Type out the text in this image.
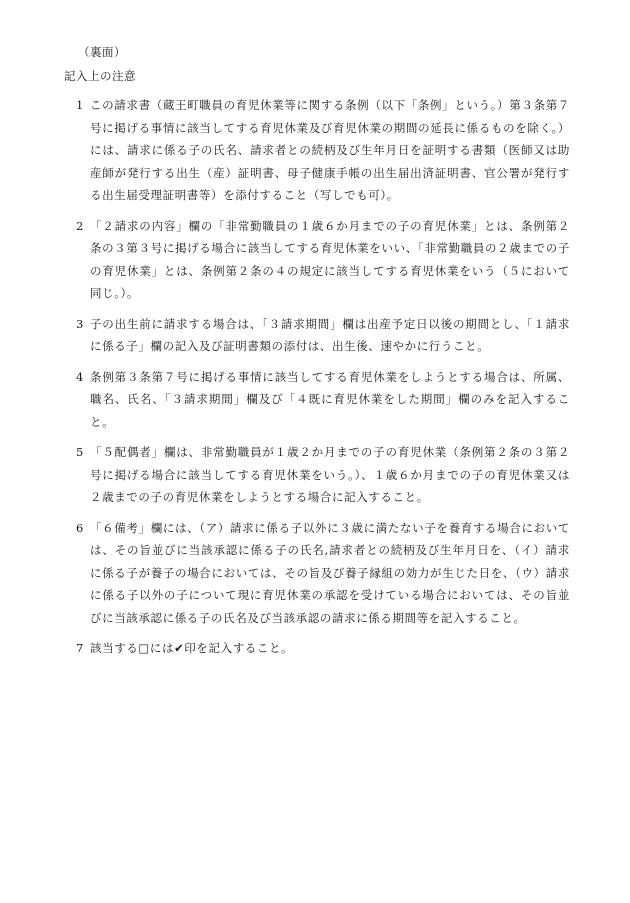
（裏面）
記入上の注意
1 この請求書（蔵王町職員の育児休業等に関する条例（以下「条例」という。）第３条第７号に掲げる事情に該当してする育児休業及び育児休業の期間の延長に係るものを除く。）には、請求に係る子の氏名、請求者との続柄及び生年月日を証明する書類（医師又は助産師が発行する出生（産）証明書、母子健康手帳の出生届出済証明書、官公署が発行する出生届受理証明書等）を添付すること（写しでも可）。
2 「２請求の内容」欄の「非常勤職員の１歳６か月までの子の育児休業」とは、条例第２条の３第３号に掲げる場合に該当してする育児休業をいい、「非常勤職員の２歳までの子の育児休業」とは、条例第２条の４の規定に該当してする育児休業をいう（５において同じ。）。
3 子の出生前に請求する場合は、「３請求期間」欄は出産予定日以後の期間とし、「１請求に係る子」欄の記入及び証明書類の添付は、出生後、速やかに行うこと。
4 条例第３条第７号に掲げる事情に該当してする育児休業をしようとする場合は、所属、職名、氏名、「３請求期間」欄及び「４既に育児休業をした期間」欄のみを記入すること。
5 「５配偶者」欄は、非常勤職員が１歳２か月までの子の育児休業（条例第２条の３第２号に掲げる場合に該当してする育児休業をいう。）、１歳６か月までの子の育児休業又は２歳までの子の育児休業をしようとする場合に記入すること。
6 「６備考」欄には、（ア）請求に係る子以外に３歳に満たない子を養育する場合においては、その旨並びに当該承認に係る子の氏名,請求者との続柄及び生年月日を、（イ）請求に係る子が養子の場合においては、その旨及び養子縁組の効力が生じた日を、（ウ）請求に係る子以外の子について現に育児休業の承認を受けている場合においては、その旨並びに当該承認に係る子の氏名及び当該承認の請求に係る期間等を記入すること。
7 該当する□には✔印を記入すること。
